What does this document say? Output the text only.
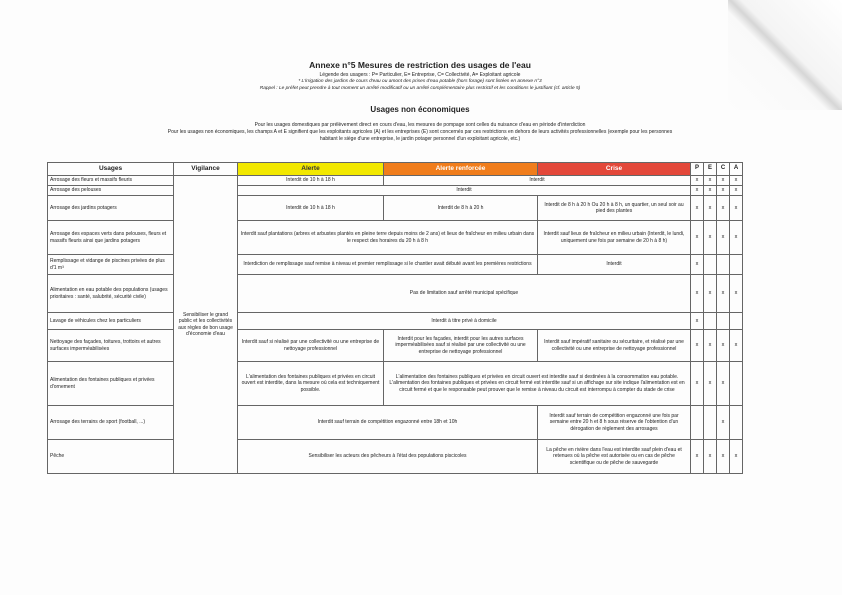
Annexe n°5 Mesures de restriction des usages de l'eau
Légende des usagers : P= Particulier, E= Entreprise, C= Collectivité, A= Exploitant agricole
* L'irrigation des jardins de cours d'eau ou amont des prises d'eau potable (hors forage) sont listées en annexe n°3
Rappel : Le préfet peut prendre à tout moment un arrêté modificatif ou un arrêté complémentaire plus restrictif et les conditions le justifiant (cf. article 5)
Usages non économiques
Pour les usages domestiques par prélèvement direct en cours d'eau, les mesures de pompage sont celles du nuisance d'eau en période d'interdiction
Pour les usages non économiques, les champs A et E signifient que les exploitants agricoles (A) et les entreprises (E) sont concernés par ces restrictions en dehors de leurs activités professionnelles (exemple pour les personnes
habitant le siège d'une entreprise, le jardin potager personnel d'un exploitant agricole, etc.)
Usages	Vigilance	Alerte	Alerte renforcée	Crise	P	E	C	A
Arrosage des fleurs et massifs fleuris	Sensibiliser le grand public et les collectivités aux règles de bon usage d'économie d'eau	Interdit de 10 h à 18 h	Interdit		x	x	x	x
Arrosage des pelouses		Interdit			x	x	x	x
Arrosage des jardins potagers		Interdit de 10 h à 18 h	Interdit de 8 h à 20 h	Interdit de 8 h à 20 h Ou 20 h à 8 h, un quartier, un seul soir au pied des plantes	x	x	x	x
Arrosage des espaces verts dans pelouses, fleurs et massifs fleuris ainsi que jardins potagers		Interdit sauf plantations (arbres et arbustes plantés en pleine terre depuis moins de 2 ans) et lieux de fraîcheur en milieu urbain dans le respect des horaires du 20 h à 8 h		Interdit sauf lieux de fraîcheur en milieu urbain (Interdit, le lundi, uniquement une fois par semaine de 20 h à 8 h)	x	x	x	x
Remplissage et vidange de piscines privées de plus d'1 m³		Interdiction de remplissage sauf remise à niveau et premier remplissage si le chantier avait débuté avant les premières restrictions		Interdit	x			
Alimentation en eau potable des populations (usages prioritaires : santé, salubrité, sécurité civile)		Pas de limitation sauf arrêté municipal spécifique			x	x	x	x
Lavage de véhicules chez les particuliers		Interdit à titre privé à domicile			x			
Nettoyage des façades, toitures, trottoirs et autres surfaces imperméabilisées		Interdit sauf si réalisé par une collectivité ou une entreprise de nettoyage professionnel	Interdit pour les façades, interdit pour les autres surfaces imperméabilisées sauf si réalisé par une collectivité ou une entreprise de nettoyage professionnel	Interdit sauf impératif sanitaire ou sécuritaire, et réalisé par une collectivité ou une entreprise de nettoyage professionnel	x	x	x	x
Alimentation des fontaines publiques et privées d'ornement		L'alimentation des fontaines publiques et privées en circuit ouvert est interdite, dans la mesure où cela est techniquement possible.	L'alimentation des fontaines publiques et privées en circuit ouvert est interdite sauf si destinées à la consommation eau potable. L'alimentation des fontaines publiques et privées en circuit fermé est interdite sauf si un affichage sur site indique l'alimentation est en circuit fermé et que le responsable peut prouver que le remise à niveau du circuit est interrompu à compter du stade de crise		x	x	x	
Arrosage des terrains de sport (football, ...)		Interdit sauf terrain de compétition engazonné entre 18h et 10h		Interdit sauf terrain de compétition engazonné une fois par semaine entre 20 h et 8 h sous réserve de l'obtention d'un dérogation de règlement des arrosages			x	
Pêche		Sensibiliser les acteurs des pêcheurs à l'état des populations piscicoles		La pêche en rivière dans l'eau est interdite sauf plein d'eau et retenues où la pêche est autorisée ou en cas de pêche scientifique ou de pêche de sauvegarde	x	x	x	x
